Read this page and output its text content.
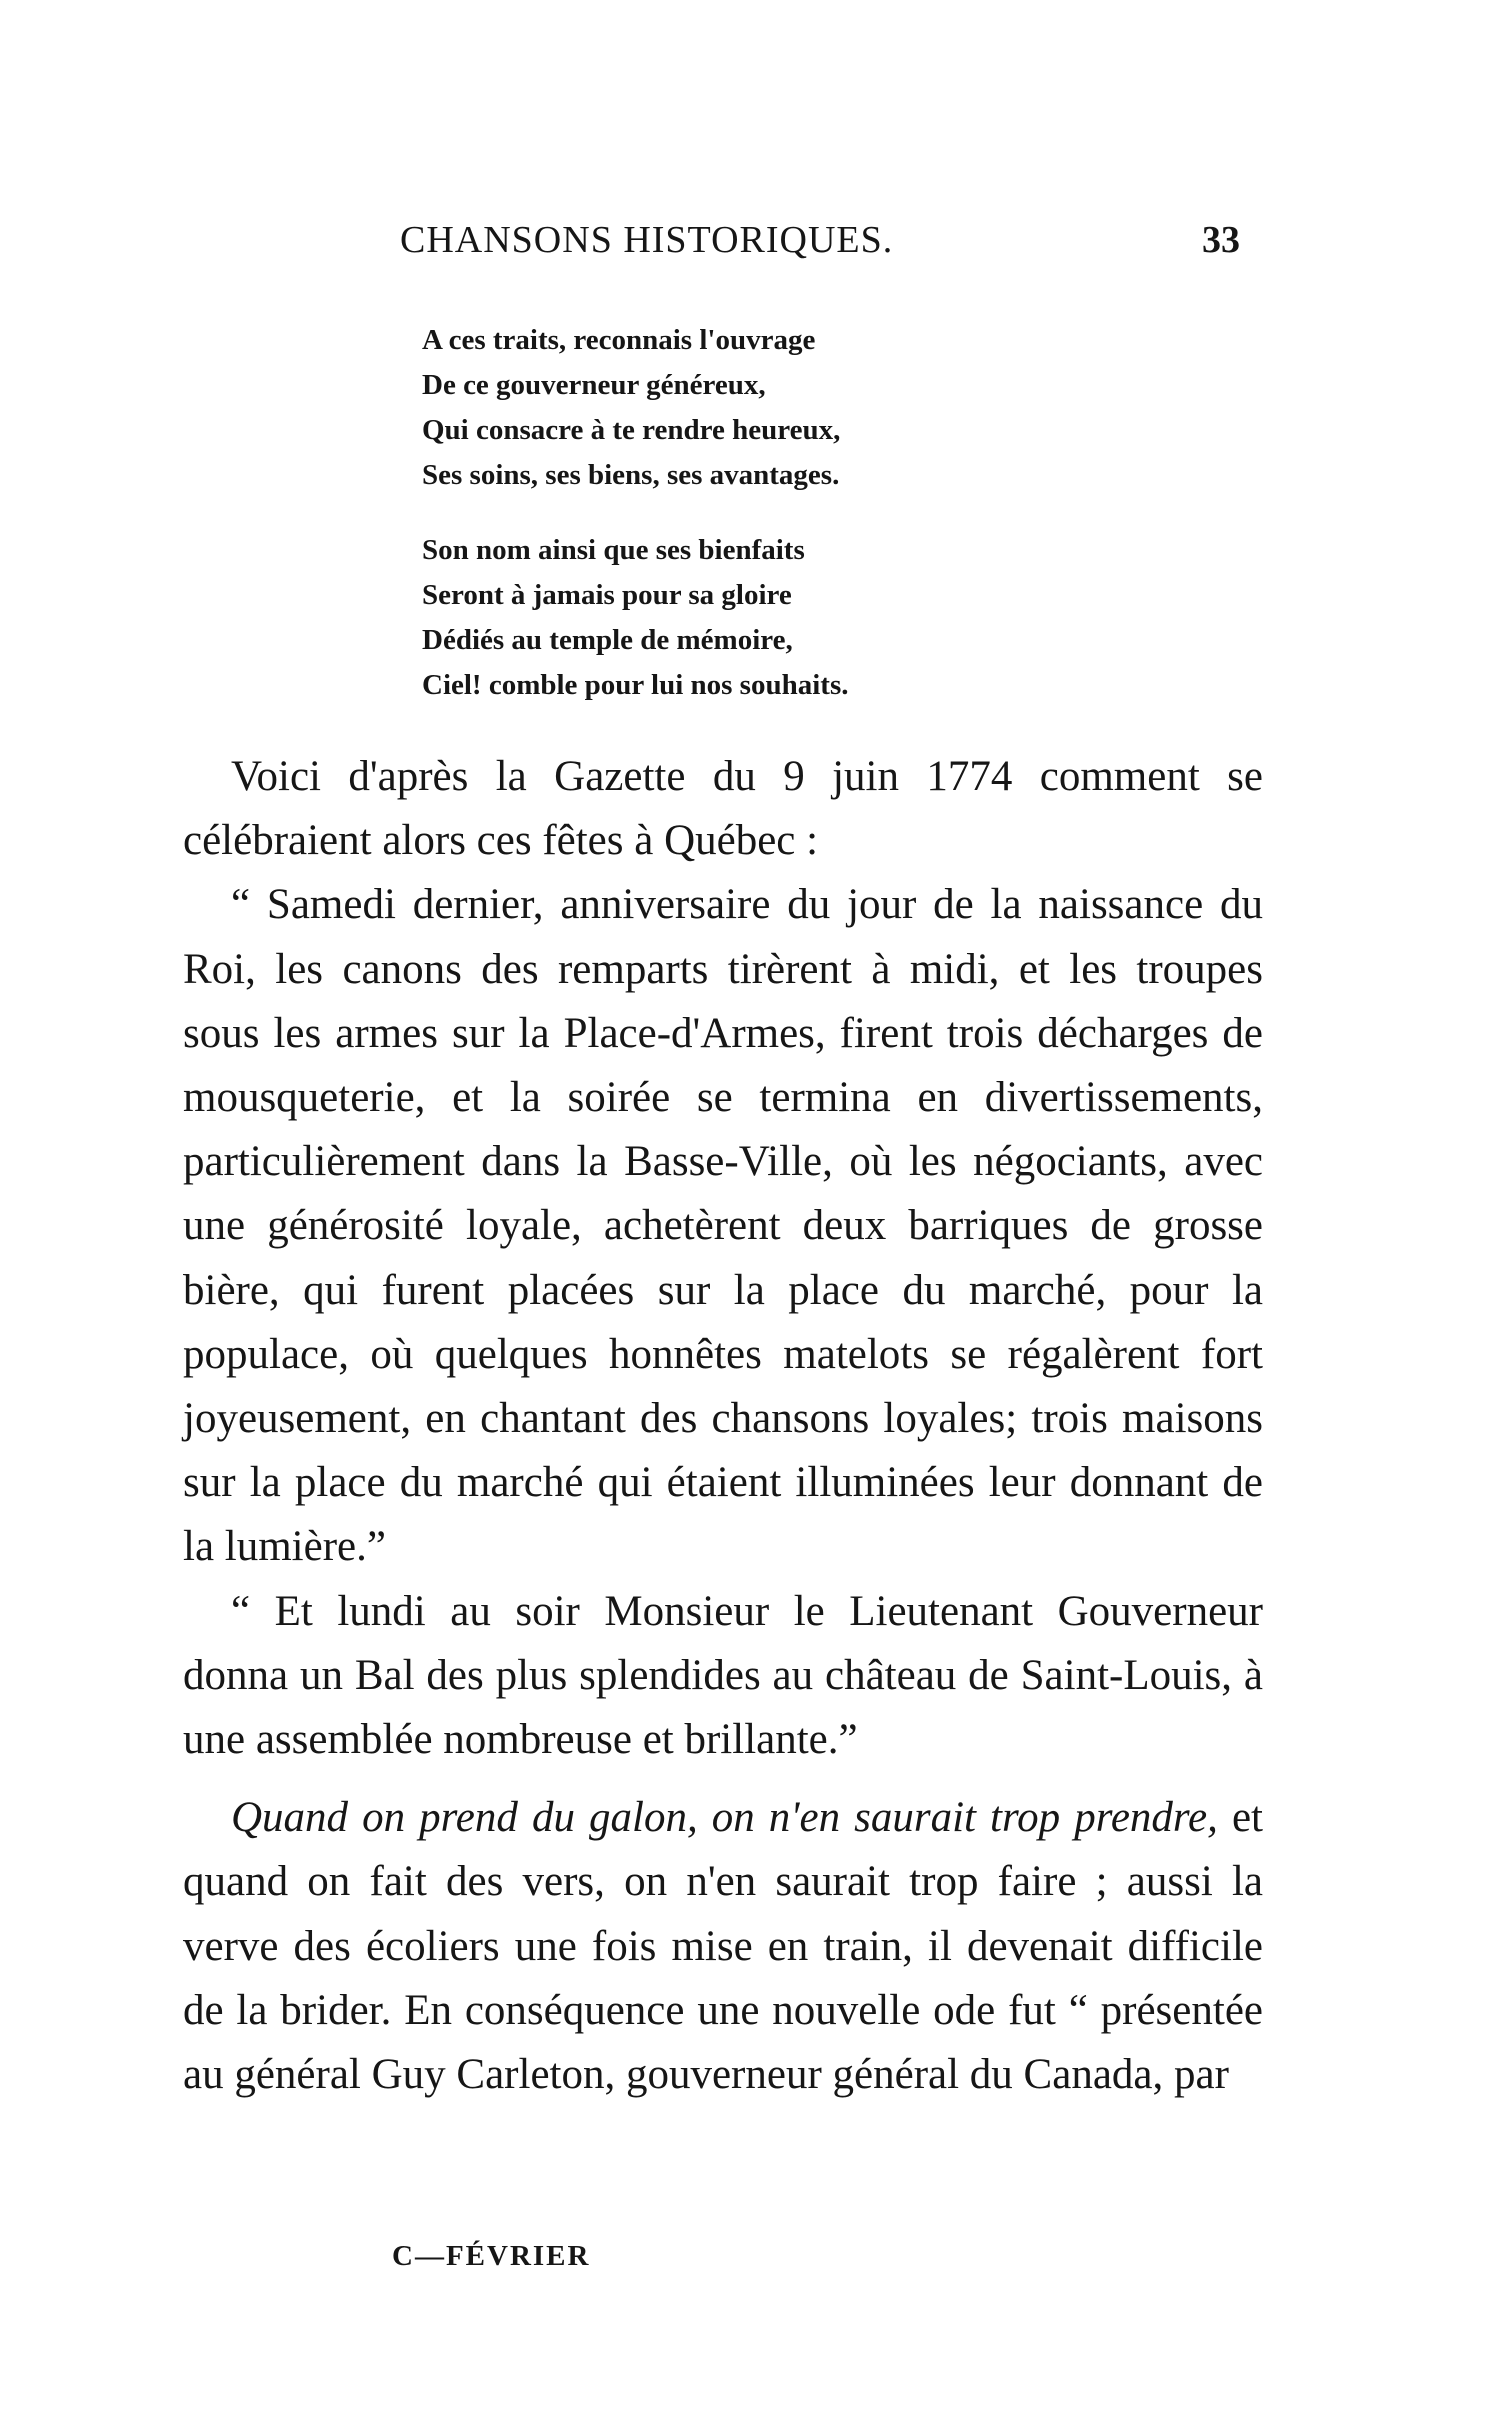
CHANSONS HISTORIQUES.	33
A ces traits, reconnais l'ouvrage
De ce gouverneur généreux,
Qui consacre à te rendre heureux,
Ses soins, ses biens, ses avantages.
Son nom ainsi que ses bienfaits
Seront à jamais pour sa gloire
Dédiés au temple de mémoire,
Ciel! comble pour lui nos souhaits.

Voici d'après la Gazette du 9 juin 1774 comment se célébraient alors ces fêtes à Québec :

“ Samedi dernier, anniversaire du jour de la naissance du Roi, les canons des remparts tirèrent à midi, et les troupes sous les armes sur la Place-d'Armes, firent trois décharges de mousqueterie, et la soirée se termina en divertissements, particulièrement dans la Basse-Ville, où les négociants, avec une générosité loyale, achetèrent deux barriques de grosse bière, qui furent placées sur la place du marché, pour la populace, où quelques honnêtes matelots se régalèrent fort joyeusement, en chantant des chansons loyales; trois maisons sur la place du marché qui étaient illuminées leur donnant de la lumière.”

“ Et lundi au soir Monsieur le Lieutenant Gouverneur donna un Bal des plus splendides au château de Saint-Louis, à une assemblée nombreuse et brillante.”

Quand on prend du galon, on n'en saurait trop prendre, et quand on fait des vers, on n'en saurait trop faire ; aussi la verve des écoliers une fois mise en train, il devenait difficile de la brider. En conséquence une nouvelle ode fut “ présentée au général Guy Carleton, gouverneur général du Canada, par

C—FÉVRIER
